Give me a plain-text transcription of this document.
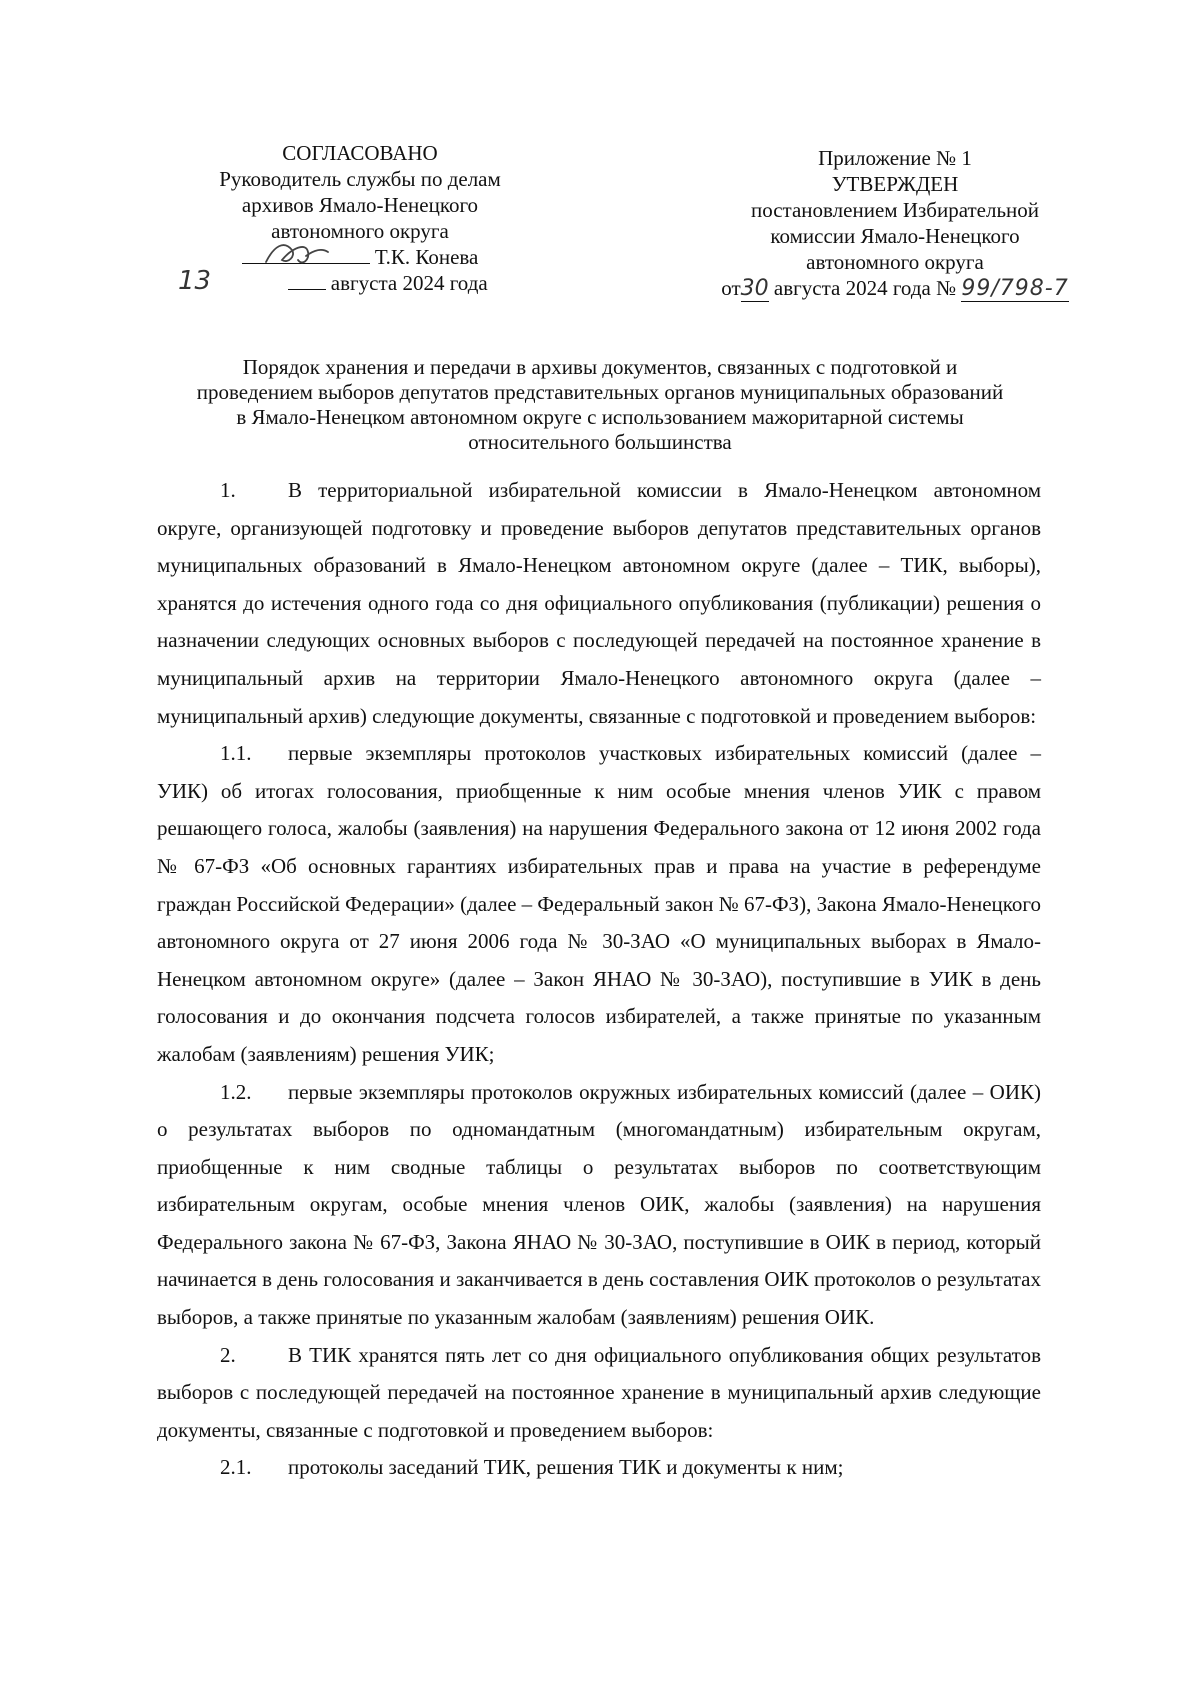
СОГЛАСОВАНО
Руководитель службы по делам
архивов Ямало-Ненецкого
автономного округа
Т.К. Конева
августа 2024 года
13
Приложение № 1
УТВЕРЖДЕН
постановлением Избирательной
комиссии Ямало-Ненецкого
автономного округа
от30 августа 2024 года № 99/798-7
Порядок хранения и передачи в архивы документов, связанных с подготовкой и
проведением выборов депутатов представительных органов муниципальных образований
в Ямало-Ненецком автономном округе с использованием мажоритарной системы
относительного большинства

1. В территориальной избирательной комиссии в Ямало-Ненецком автономном округе, организующей подготовку и проведение выборов депутатов представительных органов муниципальных образований в Ямало-Ненецком автономном округе (далее – ТИК, выборы), хранятся до истечения одного года со дня официального опубликования (публикации) решения о назначении следующих основных выборов с последующей передачей на постоянное хранение в муниципальный архив на территории Ямало-Ненецкого автономного округа (далее – муниципальный архив) следующие документы, связанные с подготовкой и проведением выборов:

1.1. первые экземпляры протоколов участковых избирательных комиссий (далее – УИК) об итогах голосования, приобщенные к ним особые мнения членов УИК с правом решающего голоса, жалобы (заявления) на нарушения Федерального закона от 12 июня 2002 года № 67-ФЗ «Об основных гарантиях избирательных прав и права на участие в референдуме граждан Российской Федерации» (далее – Федеральный закон № 67-ФЗ), Закона Ямало-Ненецкого автономного округа от 27 июня 2006 года № 30-ЗАО «О муниципальных выборах в Ямало-Ненецком автономном округе» (далее – Закон ЯНАО № 30-ЗАО), поступившие в УИК в день голосования и до окончания подсчета голосов избирателей, а также принятые по указанным жалобам (заявлениям) решения УИК;

1.2. первые экземпляры протоколов окружных избирательных комиссий (далее – ОИК) о результатах выборов по одномандатным (многомандатным) избирательным округам, приобщенные к ним сводные таблицы о результатах выборов по соответствующим избирательным округам, особые мнения членов ОИК, жалобы (заявления) на нарушения Федерального закона № 67-ФЗ, Закона ЯНАО № 30-ЗАО, поступившие в ОИК в период, который начинается в день голосования и заканчивается в день составления ОИК протоколов о результатах выборов, а также принятые по указанным жалобам (заявлениям) решения ОИК.

2. В ТИК хранятся пять лет со дня официального опубликования общих результатов выборов с последующей передачей на постоянное хранение в муниципальный архив следующие документы, связанные с подготовкой и проведением выборов:

2.1. протоколы заседаний ТИК, решения ТИК и документы к ним;
